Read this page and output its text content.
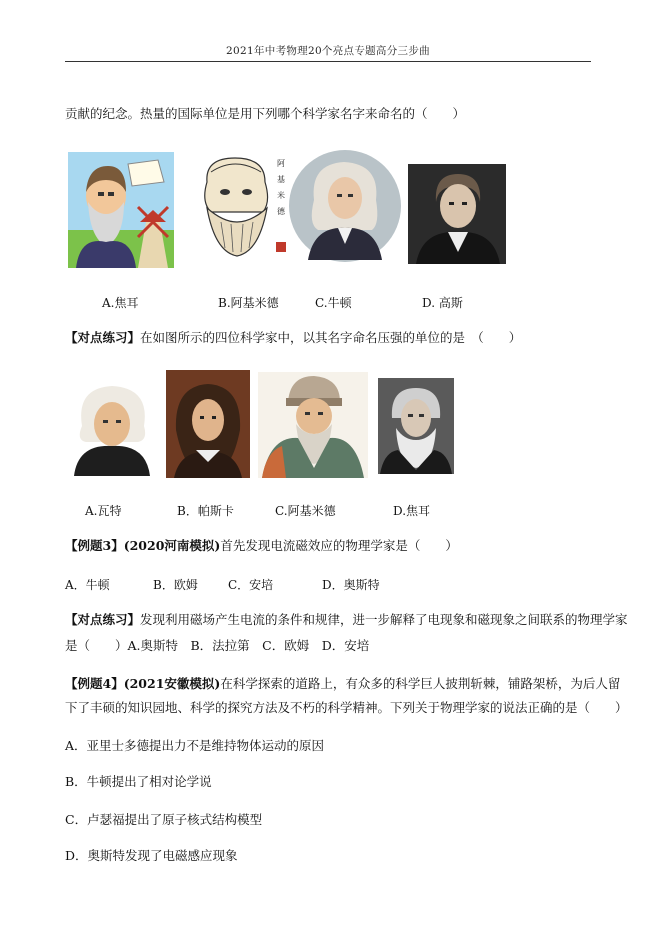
2021年中考物理20个亮点专题高分三步曲
贡献的纪念。热量的国际单位是用下列哪个科学家名字来命名的（　　）
阿
基
米
德
A.焦耳	B.阿基米德	C.牛顿	D. 高斯
【对点练习】在如图所示的四位科学家中，以其名字命名压强的单位的是　（　　）
A.瓦特	B．帕斯卡	C.阿基米德	D.焦耳
【例题3】(2020河南模拟)首先发现电流磁效应的物理学家是（　　）
A．牛顿	B．欧姆	C．安培	D．奥斯特
【对点练习】发现利用磁场产生电流的条件和规律，进一步解释了电现象和磁现象之间联系的物理学家
是（　　）A.奥斯特　B．法拉第　C．欧姆　D．安培
【例题4】(2021安徽模拟)在科学探索的道路上，有众多的科学巨人披荆斩棘，铺路架桥，为后人留
下了丰硕的知识园地、科学的探究方法及不朽的科学精神。下列关于物理学家的说法正确的是（　　）
A．亚里士多德提出力不是维持物体运动的原因
B．牛顿提出了相对论学说
C．卢瑟福提出了原子核式结构模型
D．奥斯特发现了电磁感应现象
